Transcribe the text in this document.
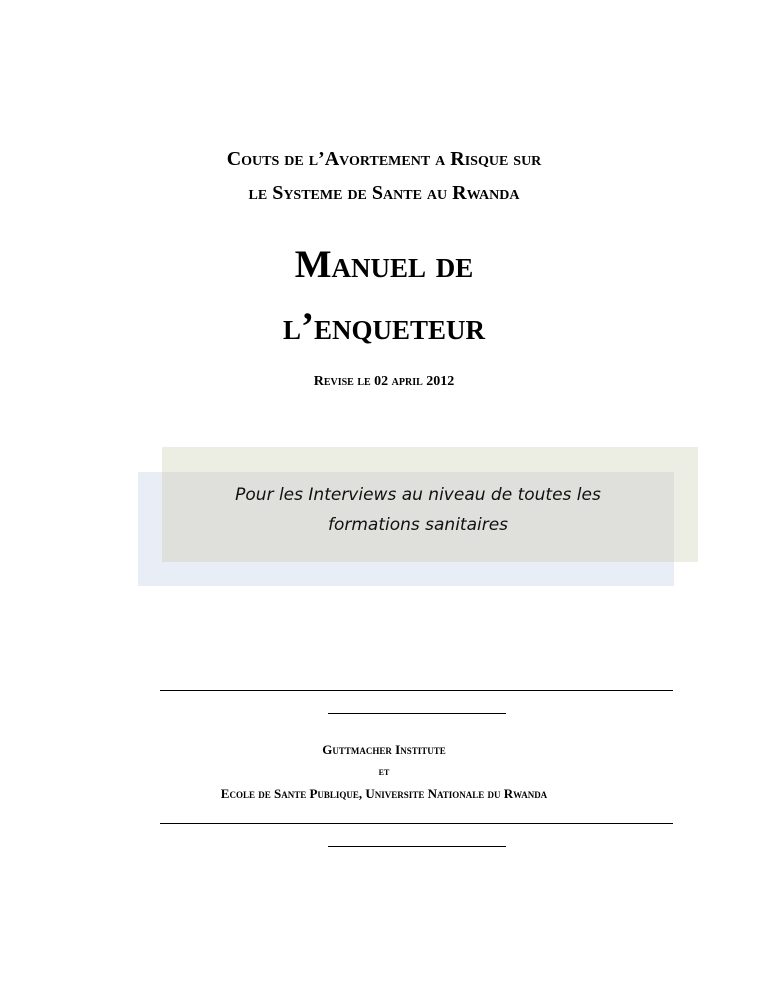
Couts de l’Avortement a Risque sur
le Systeme de Sante au Rwanda
Manuel de
l’enqueteur
Revise le 02 april 2012
Pour les Interviews au niveau de toutes les
formations sanitaires
Guttmacher Institute
et
Ecole de Sante Publique, Universite Nationale du Rwanda
